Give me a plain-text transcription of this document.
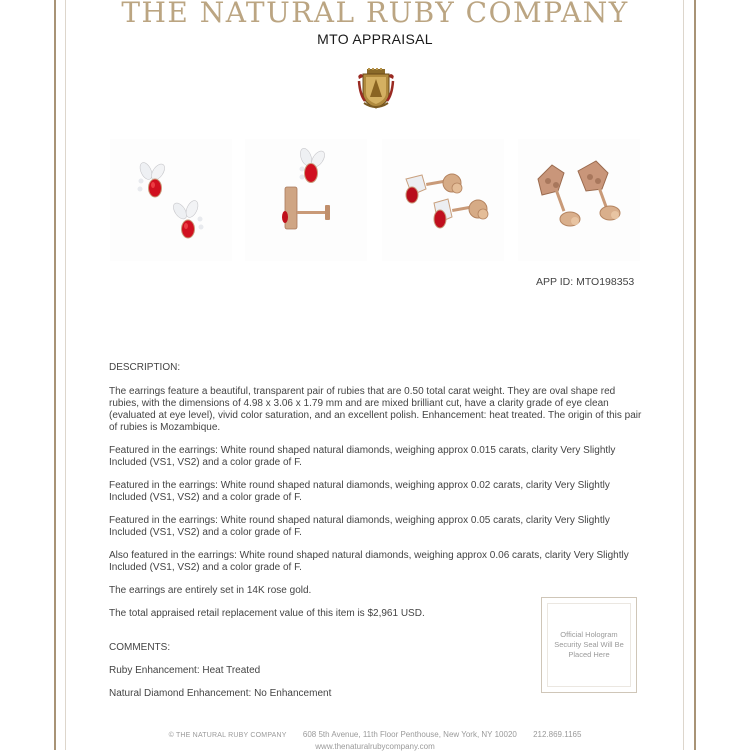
THE NATURAL RUBY COMPANY
MTO APPRAISAL
APP ID: MTO198353

DESCRIPTION:

The earrings feature a beautiful, transparent pair of rubies that are 0.50 total carat weight. They are oval shape red rubies, with the dimensions of 4.98 x 3.06 x 1.79 mm and are mixed brilliant cut, have a clarity grade of eye clean (evaluated at eye level), vivid color saturation, and an excellent polish. Enhancement: heat treated. The origin of this pair of rubies is Mozambique.

Featured in the earrings: White round shaped natural diamonds, weighing approx 0.015 carats, clarity Very Slightly Included (VS1, VS2) and a color grade of F.

Featured in the earrings: White round shaped natural diamonds, weighing approx 0.02 carats, clarity Very Slightly Included (VS1, VS2) and a color grade of F.

Featured in the earrings: White round shaped natural diamonds, weighing approx 0.05 carats, clarity Very Slightly Included (VS1, VS2) and a color grade of F.

Also featured in the earrings: White round shaped natural diamonds, weighing approx 0.06 carats, clarity Very Slightly Included (VS1, VS2) and a color grade of F.

The earrings are entirely set in 14K rose gold.

The total appraised retail replacement value of this item is $2,961 USD.

COMMENTS:

Ruby Enhancement: Heat Treated

Natural Diamond Enhancement: No Enhancement

Official Hologram Security Seal Will Be Placed Here
© THE NATURAL RUBY COMPANY 608 5th Avenue, 11th Floor Penthouse, New York, NY 10020 212.869.1165
www.thenaturalrubycompany.com
